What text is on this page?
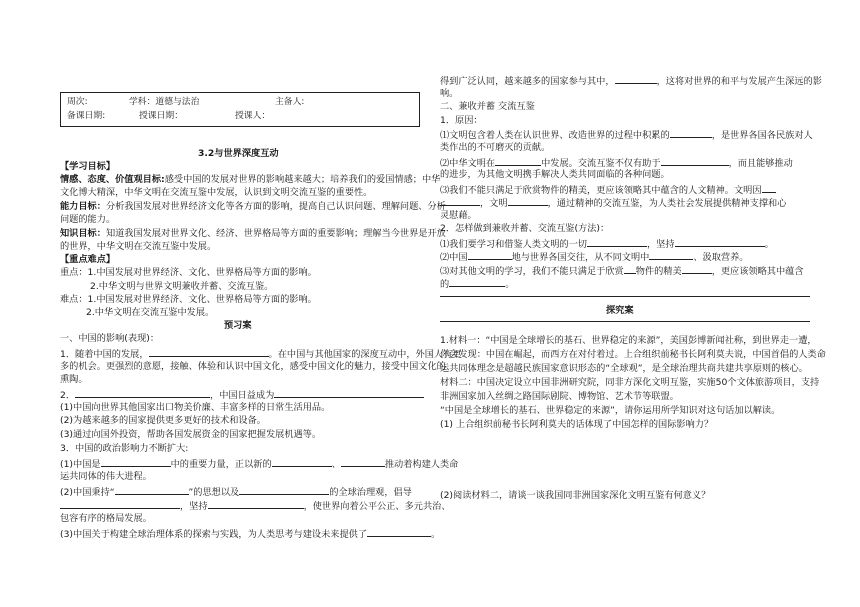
周次:	学科：道德与法治	主备人:
备课日期:	授课日期：	授课人：
3.2与世界深度互动
【学习目标】
情感、态度、价值观目标:感受中国的发展对世界的影响越来越大；培养我们的爱国情感；中华
文化博大精深，中华文明在交流互鉴中发展，认识到文明交流互鉴的重要性。
能力目标：分析我国发展对世界经济文化等各方面的影响，提高自己认识问题、理解问题、分析
问题的能力。
知识目标：知道我国发展对世界文化、经济、世界格局等方面的重要影响；理解当今世界是开放
的世界，中华文明在交流互鉴中发展。
【重点难点】
重点：1.中国发展对世界经济、文化、世界格局等方面的影响。
2.中华文明与世界文明兼收并蓄、交流互鉴。
难点：1.中国发展对世界经济、文化、世界格局等方面的影响。
2.中华文明在交流互鉴中发展。
预习案
一、中国的影响(表现)：
1．随着中国的发展，	。在中国与其他国家的深度互动中，外国人有更
多的机会。更强烈的意愿，接触、体验和认识中国文化，感受中国文化的魅力，接受中国文化的
熏陶。
2．	，中国日益成为
(1)中国向世界其他国家出口物美价廉、丰富多样的日常生活用品。
(2)为越来越多的国家提供更多更好的技术和设备。
(3)通过向国外投资，帮助各国发展资金的国家把握发展机遇等。
3．中国的政治影响力不断扩大:
(1)中国是	中的重要力量，正以新的	、	推动着构建人类命
运共同体的伟大进程。
(2)中国秉持“	”的思想以及	的全球治理观，倡导
，坚持	，使世界向着公平公正、多元共治、
包容有序的格局发展。
(3)中国关于构建全球治理体系的探索与实践，为人类思考与建设未来提供了	。
得到广泛认同，越来越多的国家参与其中，	，这将对世界的和平与发展产生深远的影
响。
二、兼收并蓄 交流互鉴
1．原因：
⑴文明包含着人类在认识世界、改造世界的过程中积累的	，是世界各国各民族对人
类作出的不可磨灭的贡献。
⑵中华文明在	中发展。交流互鉴不仅有助于	，而且能够推动
的进步，为其他文明携手解决人类共同面临的各种问题。
⑶我们不能只满足于欣赏物件的精美，更应该领略其中蕴含的人文精神。文明因
，文明	，通过精神的交流互鉴，为人类社会发展提供精神支撑和心
灵慰藉。
2．怎样做到兼收并蓄、交流互鉴(方法)：
⑴我们要学习和借鉴人类文明的一切	，坚持	。
⑵中国	地与世界各国交往，从不同文明中	、汲取营养。
⑶对其他文明的学习，我们不能只满足于欣赏 物件的精美	，更应该领略其中蕴含
的	。
探究案
1.材料一：“中国是全球增长的基石、世界稳定的来源”，美国彭博新闻社称，到世界走一遭，
你会发现：中国在崛起，而西方在对付着过。上合组织前秘书长阿利莫夫说，中国首倡的人类命
运共同体理念是超越民族国家意识形态的“全球观”，是全球治理共商共建共享原则的核心。
材料二：中国决定设立中国非洲研究院，同非方深化文明互鉴，实施50个文体旅游项目，支持
非洲国家加入丝绸之路国际剧院、博物馆、艺术节等联盟。
“中国是全球增长的基石、世界稳定的来源”，请你运用所学知识对这句话加以解读。
(1) 上合组织前秘书长阿利莫夫的话体现了中国怎样的国际影响力？
(2)阅读材料二，请谈一谈我国同非洲国家深化文明互鉴有何意义？
